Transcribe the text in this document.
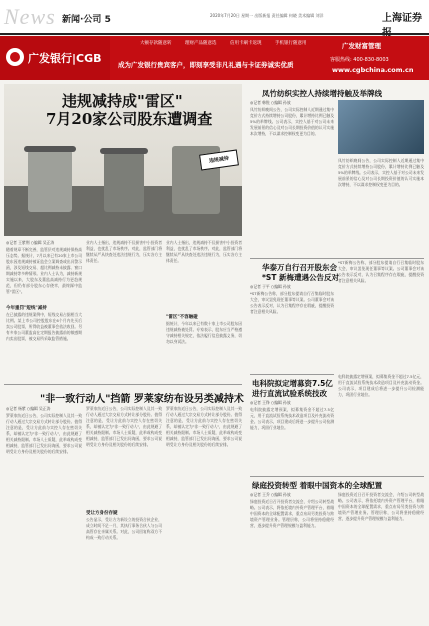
News 新闻·公司 5	2020年7月20日 星期一 出版新报 责任编辑 何晓 美术编辑 刘洋	上海证券
广发银行|CGB
大额存款随意转	理财产品随意选	信用卡刷卡返现	手机银行随意用
成为广发银行贵宾客户，即刻享受非凡礼遇与卡证券诚实优质
广发财富管理
客服热线: 400-830-8003
www.cgbchina.com.cn
违规减持
违规减持成"雷区"
7月20家公司股东遭调查
◎记者 王紫荆 ○编辑 吴正涛
随着规章不断完善，监管层对违规减持保持高压态势。据统计，7月以来已有20家上市公司股东因违规减持被证监会立案调查或出具警示函，涉及短线交易、超比例减持未披露、窗口期减持等多种情形。业内人士认为，减持新规实施以来，大股东及董监高减持行为更趋规范，但仍有部分股东心存侥幸，最终踩中监管"雷区"。
今年重罚"短线"减持
在已披露的违规案例中，短线交易占据相当大比例。某上市公司控股股东在6个月内先买后卖公司股票，所得收益被董事会依法收回。另有多家公司董监高在定期报告披露前的敏感期内卖出股票，被交易所采取监管措施。
业内人士指出，违规减持不仅损害中小投资者利益，也扰乱了市场秩序。对此，监管部门将继续从严从快查处违法违规行为，压实各方主体责任。
业内人士指出，违规减持不仅损害中小投资者利益，也扰乱了市场秩序。对此，监管部门将继续从严从快查处违法违规行为，压实各方主体责任。
"雷区"不容触碰
据统计，今年以来已有数十家上市公司股东因违规减持被处罚。专家表示，股东应当严格遵守减持相关规定，依法履行信息披露义务，切勿以身试法。
"非一致行动人"挡箭 罗莱家纺布设另类减持术
◎记者 杨紫 ○编辑 吴正涛
罗莱家纺近日公告，公司实际控制人及其一致行动人通过大宗交易方式转让部分股份。值得注意的是，受让方此前与实控人存在密切关系，却被认定为"非一致行动人"，由此规避了相关减持限制。市场人士质疑，此举或构成变相减持，监管部门已发出问询函，要求公司说明受让方身份及相关股份的后续安排。
罗莱家纺近日公告，公司实际控制人及其一致行动人通过大宗交易方式转让部分股份。值得注意的是，受让方此前与实控人存在密切关系，却被认定为"非一致行动人"，由此规避了相关减持限制。市场人士质疑，此举或构成变相减持，监管部门已发出问询函，要求公司说明受让方身份及相关股份的后续安排。
受让方身份存疑
公告显示，受让方为新设立的投资合伙企业，成立时间不足一月，其执行事务合伙人与公司高管存在亲属关系。对此，公司回复称双方不构成一致行动关系。
罗莱家纺近日公告，公司实际控制人及其一致行动人通过大宗交易方式转让部分股份。值得注意的是，受让方此前与实控人存在密切关系，却被认定为"非一致行动人"，由此规避了相关减持限制。市场人士质疑，此举或构成变相减持，监管部门已发出问询函，要求公司说明受让方身份及相关股份的后续安排。
凤竹纺织实控人持续增持触及举牌线
◎记者 韩锐 ○编辑 孙放
凤竹纺织晚间公告，公司实际控制人近期通过集中竞价方式持续增持公司股份，累计增持比例已触及5%的举牌线。公司表示，实控人基于对公司未来发展前景的信心及对公司长期投资价值的认可实施本次增持，不以谋求控制权变更为目的。
凤竹纺织晚间公告，公司实际控制人近期通过集中竞价方式持续增持公司股份，累计增持比例已触及5%的举牌线。公司表示，实控人基于对公司未来发展前景的信心及对公司长期投资价值的认可实施本次增持，不以谋求控制权变更为目的。
华泰万自行召开股东会
*ST 新梅遭遇公告反对
◎记者 于平 ○编辑 孙放
*ST新梅公告称，部分股东提请自行召集临时股东大会，审议罢免现任董事等议案。公司董事会对该公告表示反对，认为召集程序存在瑕疵，提醒投资者注意相关风险。
*ST新梅公告称，部分股东提请自行召集临时股东大会，审议罢免现任董事等议案。公司董事会对该公告表示反对，认为召集程序存在瑕疵，提醒投资者注意相关风险。
电科院拟定增募资7.5亿
进行直流试验系统技改
◎记者 王铮 ○编辑 孙放
电科院披露定增预案，拟募集资金不超过7.5亿元，用于直流试验系统技术改造项目及补充流动资金。公司表示，项目建成后将进一步提升公司检测能力，巩固行业地位。
电科院披露定增预案，拟募集资金不超过7.5亿元，用于直流试验系统技术改造项目及补充流动资金。公司表示，项目建成后将进一步提升公司检测能力，巩固行业地位。
绿庭投资转型 着眼中国资本的全球配置
◎记者 王乔 ○编辑 孙放
绿庭投资近日召开投资者交流会，介绍公司转型战略。公司表示，将依托境内外资产管理平台，着眼中国资本的全球配置需求，重点布局另类投资与跨境资产管理业务。管理层称，公司将坚持稳健经营，逐步提升资产管理规模与盈利能力。
绿庭投资近日召开投资者交流会，介绍公司转型战略。公司表示，将依托境内外资产管理平台，着眼中国资本的全球配置需求，重点布局另类投资与跨境资产管理业务。管理层称，公司将坚持稳健经营，逐步提升资产管理规模与盈利能力。
